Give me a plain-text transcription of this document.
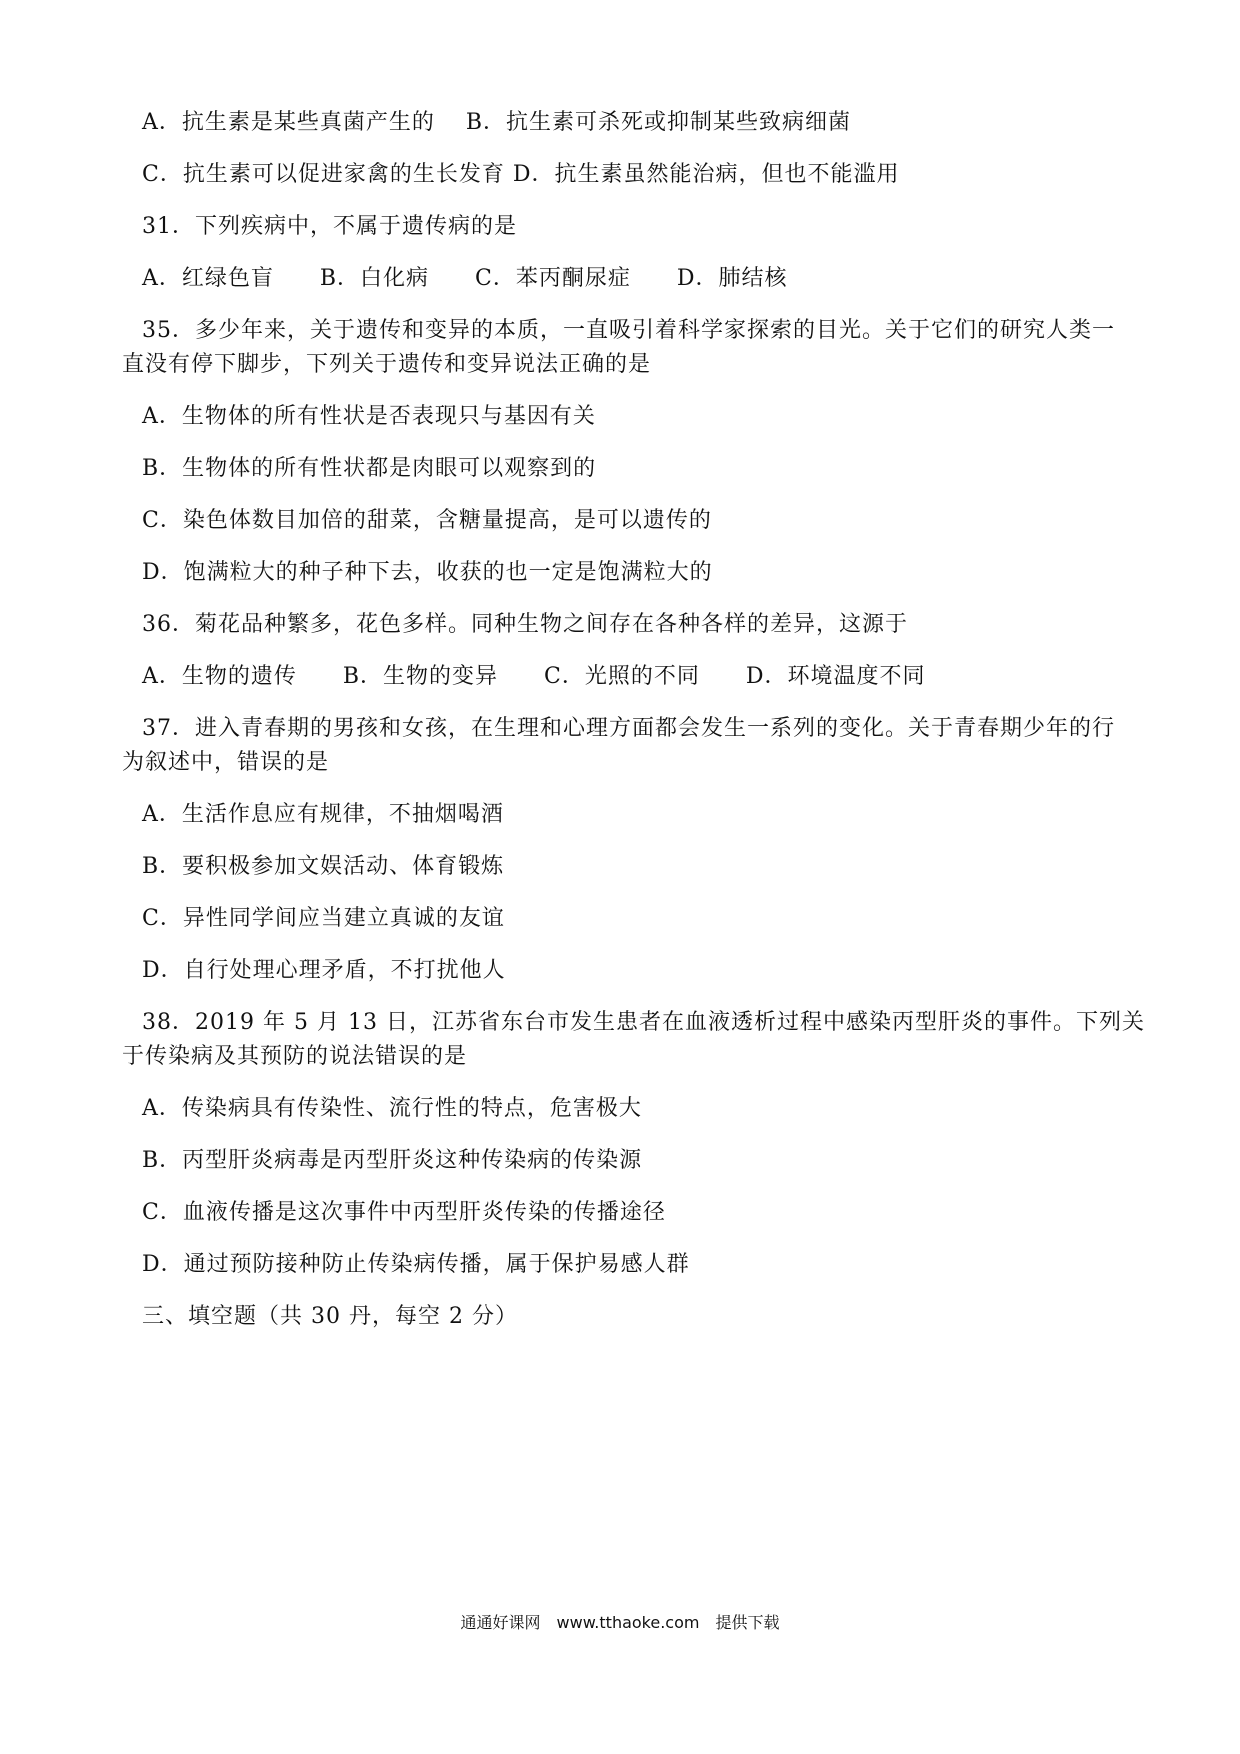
A．抗生素是某些真菌产生的　 B．抗生素可杀死或抑制某些致病细菌
C．抗生素可以促进家禽的生长发育 D．抗生素虽然能治病，但也不能滥用
31．下列疾病中，不属于遗传病的是
A．红绿色盲　　B．白化病　　C．苯丙酮尿症　　D．肺结核
35．多少年来，关于遗传和变异的本质，一直吸引着科学家探索的目光。关于它们的研究人类一
直没有停下脚步，下列关于遗传和变异说法正确的是
A．生物体的所有性状是否表现只与基因有关
B．生物体的所有性状都是肉眼可以观察到的
C．染色体数目加倍的甜菜，含糖量提高，是可以遗传的
D．饱满粒大的种子种下去，收获的也一定是饱满粒大的
36．菊花品种繁多，花色多样。同种生物之间存在各种各样的差异，这源于
A．生物的遗传　　B．生物的变异　　C．光照的不同　　D．环境温度不同
37．进入青春期的男孩和女孩，在生理和心理方面都会发生一系列的变化。关于青春期少年的行
为叙述中，错误的是
A．生活作息应有规律，不抽烟喝酒
B．要积极参加文娱活动、体育锻炼
C．异性同学间应当建立真诚的友谊
D．自行处理心理矛盾，不打扰他人
38．2019 年 5 月 13 日，江苏省东台市发生患者在血液透析过程中感染丙型肝炎的事件。下列关
于传染病及其预防的说法错误的是
A．传染病具有传染性、流行性的特点，危害极大
B．丙型肝炎病毒是丙型肝炎这种传染病的传染源
C．血液传播是这次事件中丙型肝炎传染的传播途径
D．通过预防接种防止传染病传播，属于保护易感人群
三、填空题（共 30 丹，每空 2 分）
通通好课网　www.tthaoke.com　提供下载
